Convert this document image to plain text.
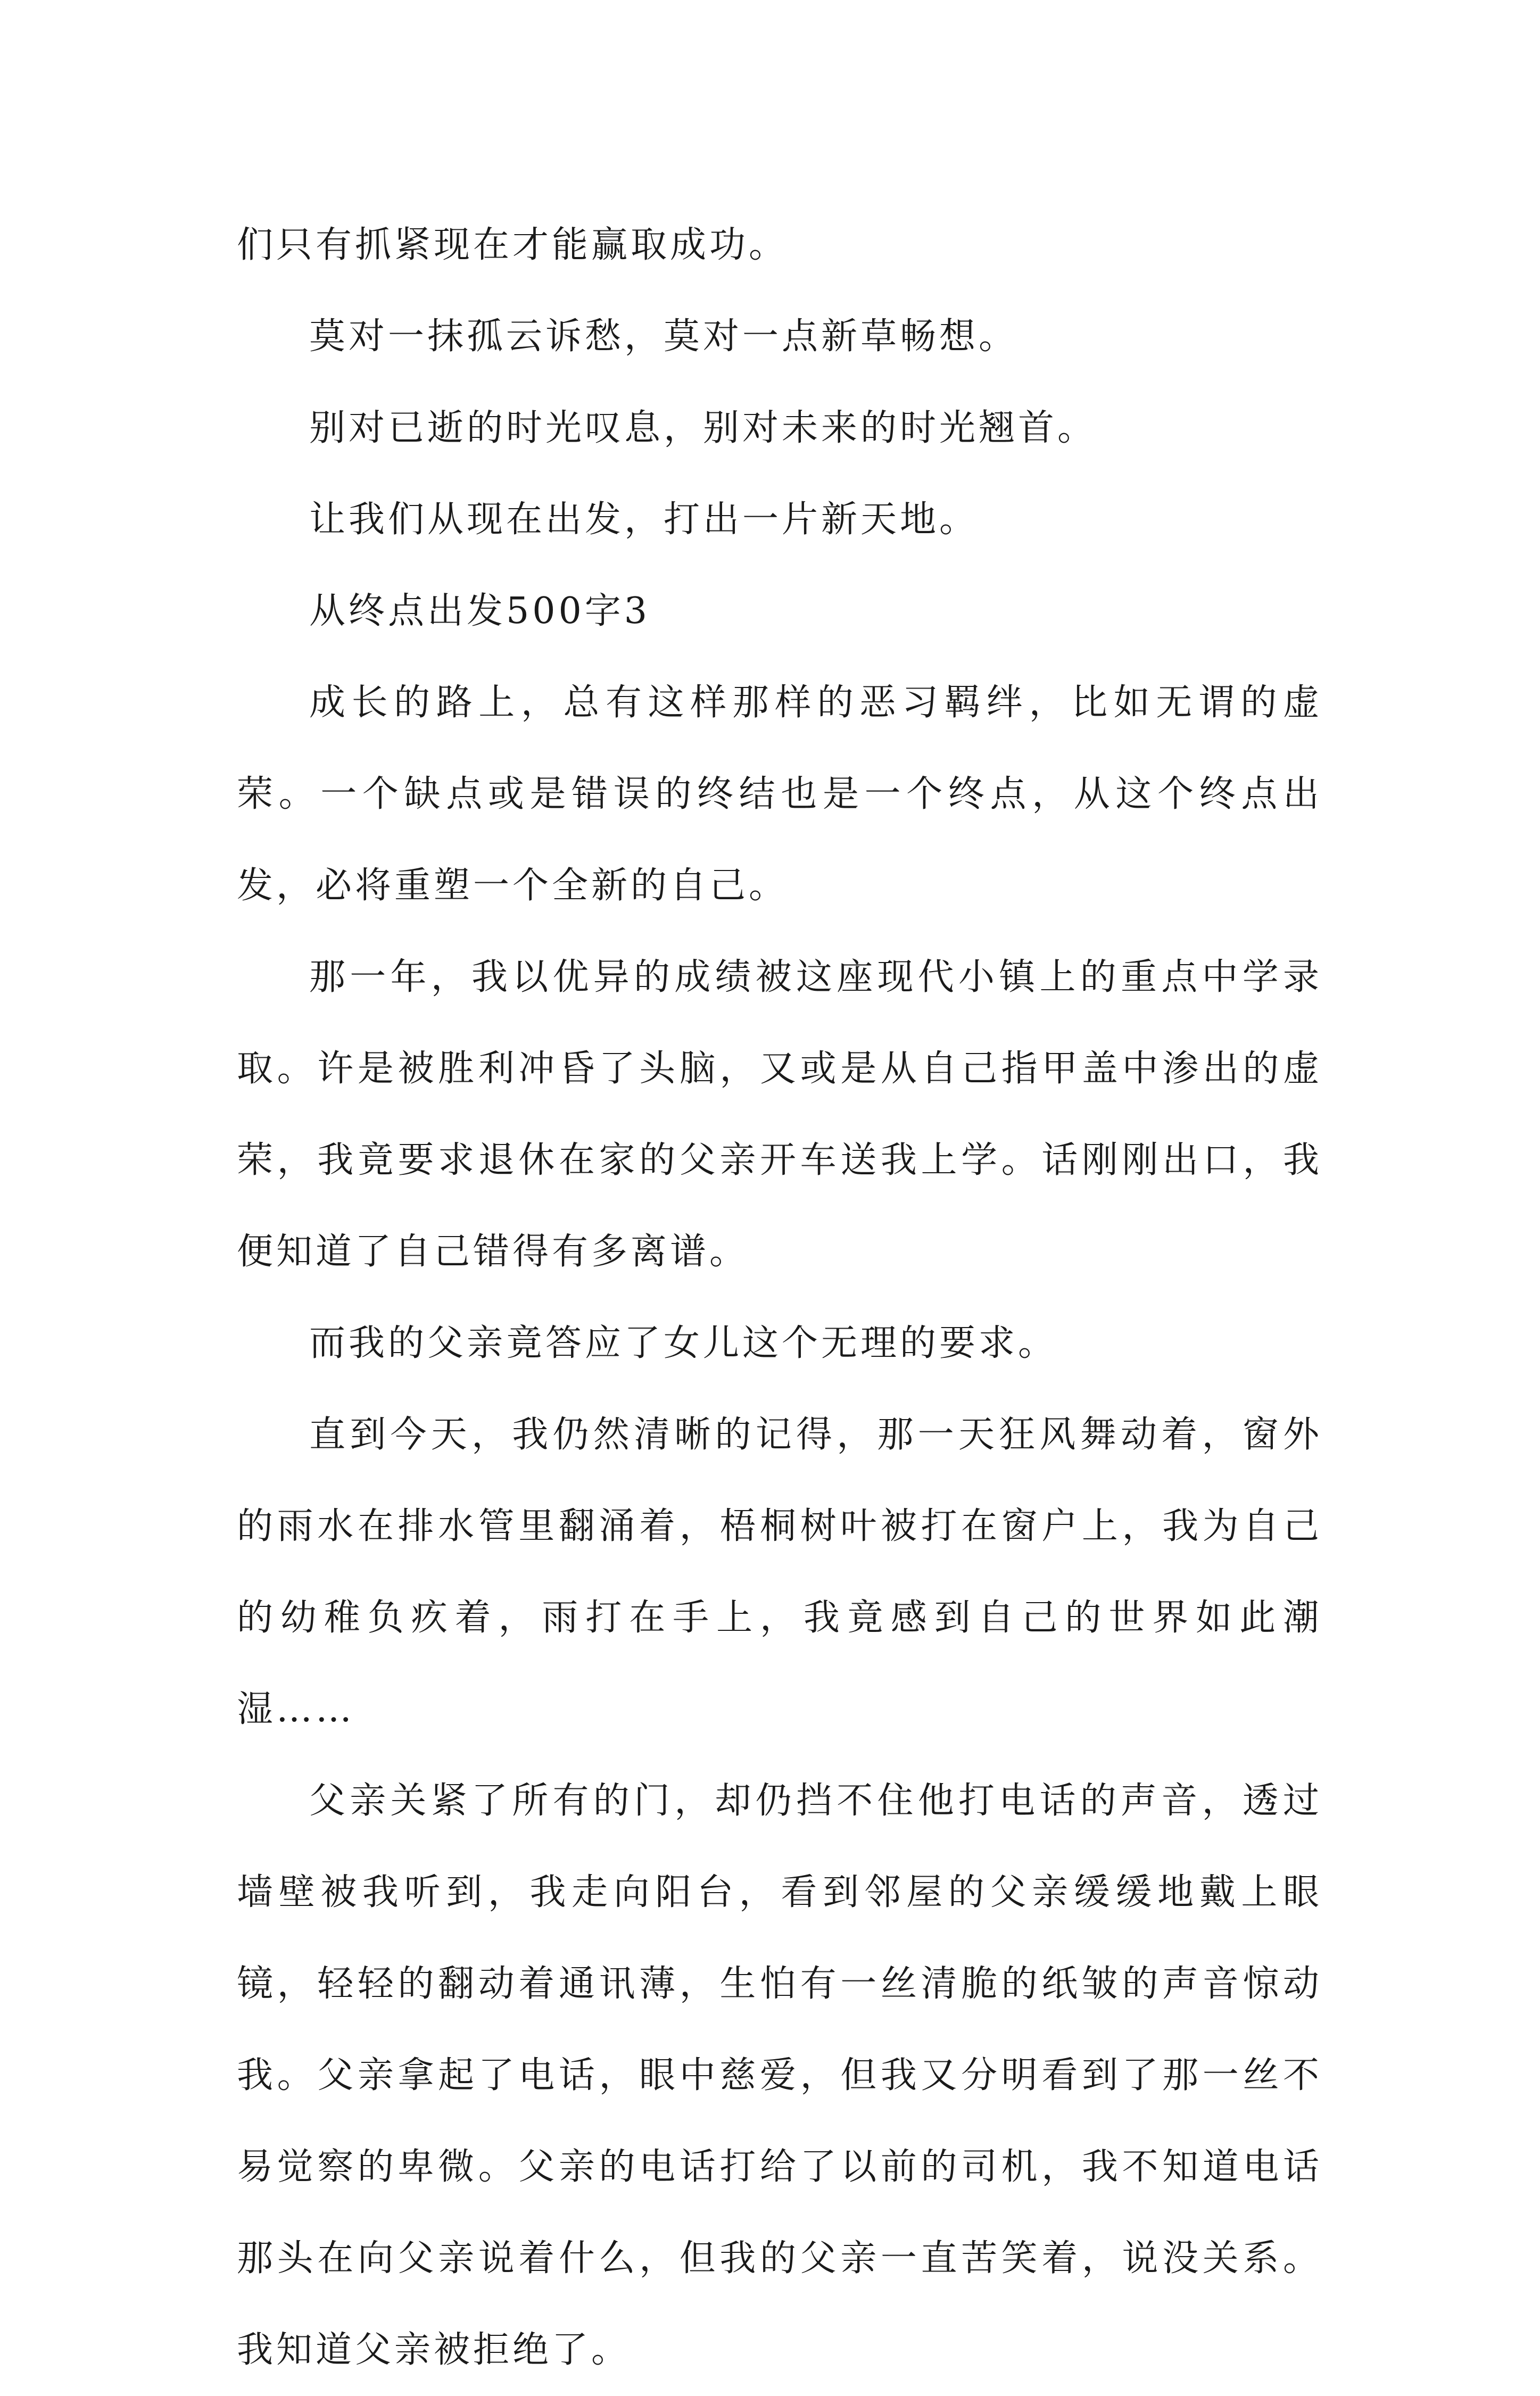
们只有抓紧现在才能赢取成功。

莫对一抹孤云诉愁，莫对一点新草畅想。

别对已逝的时光叹息，别对未来的时光翘首。

让我们从现在出发，打出一片新天地。

从终点出发500字3

成长的路上，总有这样那样的恶习羁绊，比如无谓的虚荣。一个缺点或是错误的终结也是一个终点，从这个终点出发，必将重塑一个全新的自己。

那一年，我以优异的成绩被这座现代小镇上的重点中学录取。许是被胜利冲昏了头脑，又或是从自己指甲盖中渗出的虚荣，我竟要求退休在家的父亲开车送我上学。话刚刚出口，我便知道了自己错得有多离谱。

而我的父亲竟答应了女儿这个无理的要求。

直到今天，我仍然清晰的记得，那一天狂风舞动着，窗外的雨水在排水管里翻涌着，梧桐树叶被打在窗户上，我为自己的幼稚负疚着，雨打在手上，我竟感到自己的世界如此潮湿……

父亲关紧了所有的门，却仍挡不住他打电话的声音，透过墙壁被我听到，我走向阳台，看到邻屋的父亲缓缓地戴上眼镜，轻轻的翻动着通讯薄，生怕有一丝清脆的纸皱的声音惊动我。父亲拿起了电话，眼中慈爱，但我又分明看到了那一丝不易觉察的卑微。父亲的电话打给了以前的司机，我不知道电话那头在向父亲说着什么，但我的父亲一直苦笑着，说没关系。我知道父亲被拒绝了。
